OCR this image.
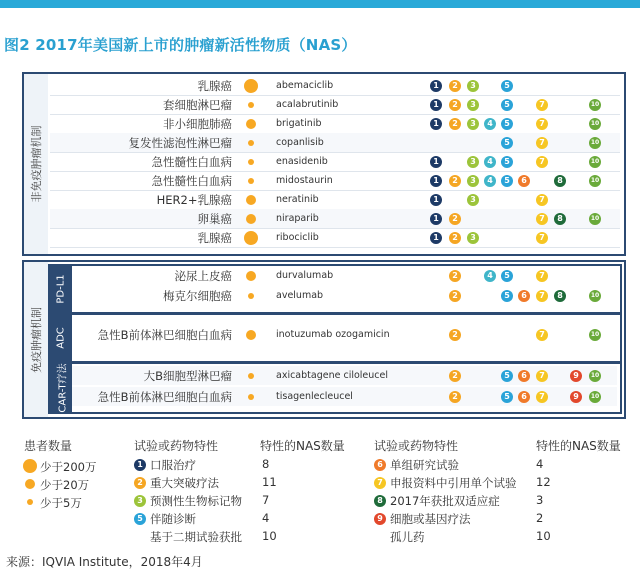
图2 2017年美国新上市的肿瘤新活性物质（NAS）
非免疫肿瘤机制
免疫肿瘤机制
PD-L1
ADC
CAR-T疗法
乳腺癌	abemaciclib	1	2	3	5
套细胞淋巴瘤	acalabrutinib	1	2	3	5	7	10
非小细胞肺癌	brigatinib	1	2	3	4	5	7	10
复发性滤泡性淋巴瘤	copanlisib	5	7	10
急性髓性白血病	enasidenib	1	3	4	5	7	10
急性髓性白血病	midostaurin	1	2	3	4	5	6	8	10
HER2+乳腺癌	neratinib	1	3	7
卵巢癌	niraparib	1	2	7	8	10
乳腺癌	ribociclib	1	2	3	7
泌尿上皮癌	durvalumab	2	4	5	7
梅克尔细胞癌	avelumab	2	5	6	7	8	10
急性B前体淋巴细胞白血病	inotuzumab ozogamicin	2	7	10
大B细胞型淋巴瘤	axicabtagene ciloleucel	2	5	6	7	9	10
急性B前体淋巴细胞白血病	tisagenlecleucel	2	5	6	7	9	10
患者数量	试验或药物特性	特性的NAS数量 试验或药物特性	特性的NAS数量
少于200万
少于20万
少于5万
1 口服治疗	8
2 重大突破疗法	11
3 预测性生物标记物 7
5 伴随诊断	4
基于二期试验获批 10
6 单组研究试验	4
7 申报资料中引用单个试验 12
8 2017年获批双适应症	3
9 细胞或基因疗法	2
孤儿药	10
来源：IQVIA Institute，2018年4月
